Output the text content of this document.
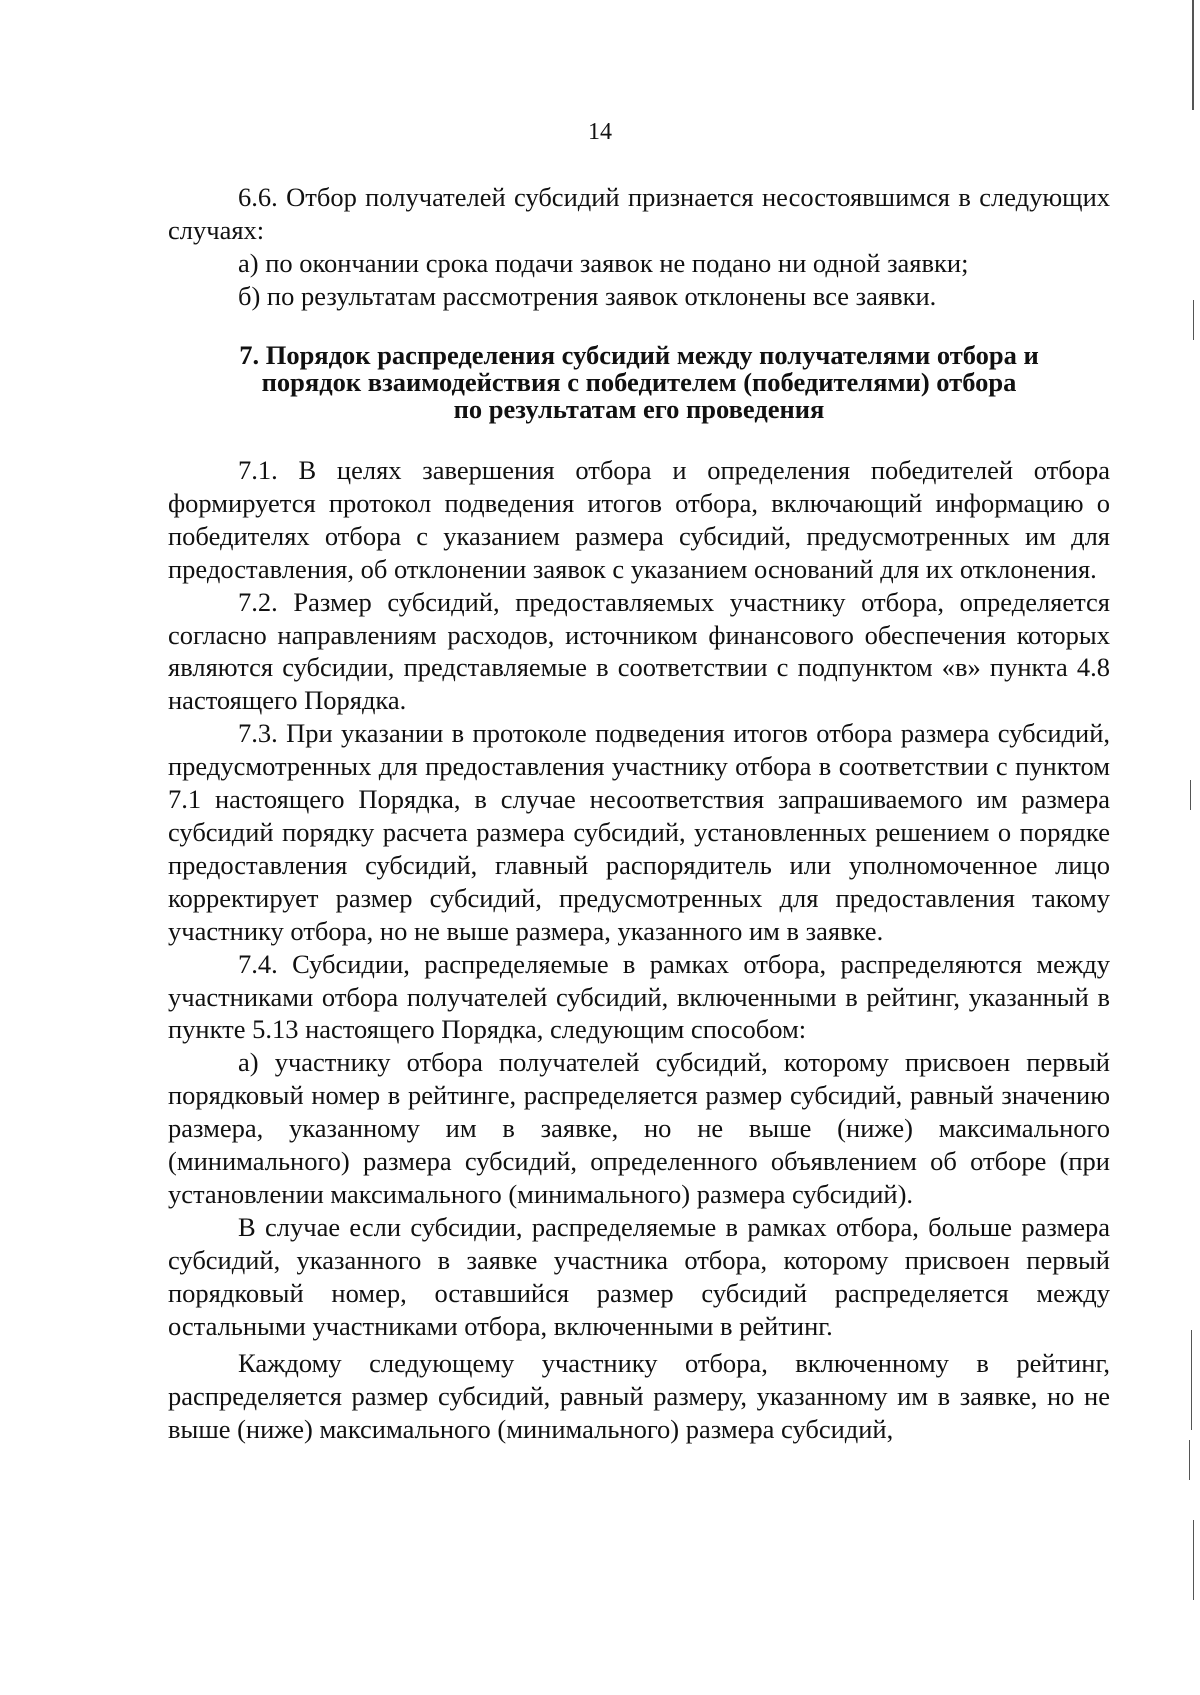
14

6.6. Отбор получателей субсидий признается несостоявшимся в следующих случаях:

а) по окончании срока подачи заявок не подано ни одной заявки;

б) по результатам рассмотрения заявок отклонены все заявки.

7. Порядок распределения субсидий между получателями отбора и
порядок взаимодействия с победителем (победителями) отбора
по результатам его проведения

7.1. В целях завершения отбора и определения победителей отбора формируется протокол подведения итогов отбора, включающий информацию о победителях отбора с указанием размера субсидий, предусмотренных им для предоставления, об отклонении заявок с указанием оснований для их отклонения.

7.2. Размер субсидий, предоставляемых участнику отбора, определяется согласно направлениям расходов, источником финансового обеспечения которых являются субсидии, представляемые в соответствии с подпунктом «в» пункта 4.8 настоящего Порядка.

7.3. При указании в протоколе подведения итогов отбора размера субсидий, предусмотренных для предоставления участнику отбора в соответствии с пунктом 7.1 настоящего Порядка, в случае несоответствия запрашиваемого им размера субсидий порядку расчета размера субсидий, установленных решением о порядке предоставления субсидий, главный распорядитель или уполномоченное лицо корректирует размер субсидий, предусмотренных для предоставления такому участнику отбора, но не выше размера, указанного им в заявке.

7.4. Субсидии, распределяемые в рамках отбора, распределяются между участниками отбора получателей субсидий, включенными в рейтинг, указанный в пункте 5.13 настоящего Порядка, следующим способом:

а) участнику отбора получателей субсидий, которому присвоен первый порядковый номер в рейтинге, распределяется размер субсидий, равный значению размера, указанному им в заявке, но не выше (ниже) максимального (минимального) размера субсидий, определенного объявлением об отборе (при установлении максимального (минимального) размера субсидий).

В случае если субсидии, распределяемые в рамках отбора, больше размера субсидий, указанного в заявке участника отбора, которому присвоен первый порядковый номер, оставшийся размер субсидий распределяется между остальными участниками отбора, включенными в рейтинг.

Каждому следующему участнику отбора, включенному в рейтинг, распределяется размер субсидий, равный размеру, указанному им в заявке, но не выше (ниже) максимального (минимального) размера субсидий,
